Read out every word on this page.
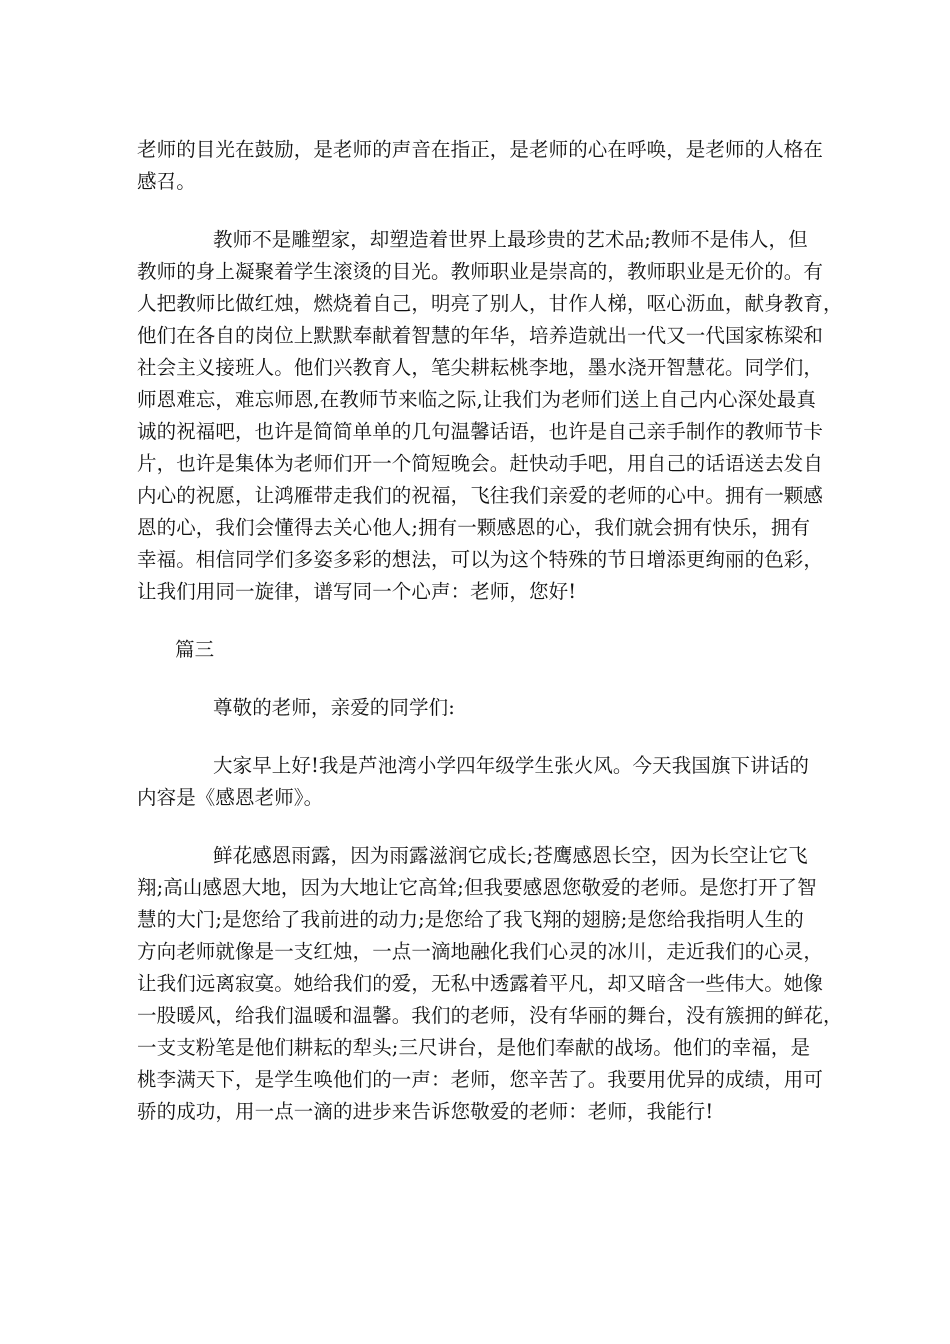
老师的目光在鼓励，是老师的声音在指正，是老师的心在呼唤，是老师的人格在
感召。
教师不是雕塑家，却塑造着世界上最珍贵的艺术品;教师不是伟人，但
教师的身上凝聚着学生滚烫的目光。教师职业是崇高的，教师职业是无价的。有
人把教师比做红烛，燃烧着自己，明亮了别人，甘作人梯，呕心沥血，献身教育，
他们在各自的岗位上默默奉献着智慧的年华，培养造就出一代又一代国家栋梁和
社会主义接班人。他们兴教育人，笔尖耕耘桃李地，墨水浇开智慧花。同学们，
师恩难忘，难忘师恩,在教师节来临之际,让我们为老师们送上自己内心深处最真
诚的祝福吧，也许是简简单单的几句温馨话语，也许是自己亲手制作的教师节卡
片，也许是集体为老师们开一个简短晚会。赶快动手吧，用自己的话语送去发自
内心的祝愿，让鸿雁带走我们的祝福，飞往我们亲爱的老师的心中。拥有一颗感
恩的心，我们会懂得去关心他人;拥有一颗感恩的心，我们就会拥有快乐，拥有
幸福。相信同学们多姿多彩的想法，可以为这个特殊的节日增添更绚丽的色彩，
让我们用同一旋律，谱写同一个心声：老师，您好!
篇三
尊敬的老师，亲爱的同学们:
大家早上好!我是芦池湾小学四年级学生张火风。今天我国旗下讲话的
内容是《感恩老师》。
鲜花感恩雨露，因为雨露滋润它成长;苍鹰感恩长空，因为长空让它飞
翔;高山感恩大地，因为大地让它高耸;但我要感恩您敬爱的老师。是您打开了智
慧的大门;是您给了我前进的动力;是您给了我飞翔的翅膀;是您给我指明人生的
方向老师就像是一支红烛，一点一滴地融化我们心灵的冰川，走近我们的心灵，
让我们远离寂寞。她给我们的爱，无私中透露着平凡，却又暗含一些伟大。她像
一股暖风，给我们温暖和温馨。我们的老师，没有华丽的舞台，没有簇拥的鲜花，
一支支粉笔是他们耕耘的犁头;三尺讲台，是他们奉献的战场。他们的幸福，是
桃李满天下，是学生唤他们的一声：老师，您辛苦了。我要用优异的成绩，用可
骄的成功，用一点一滴的进步来告诉您敬爱的老师：老师，我能行!
